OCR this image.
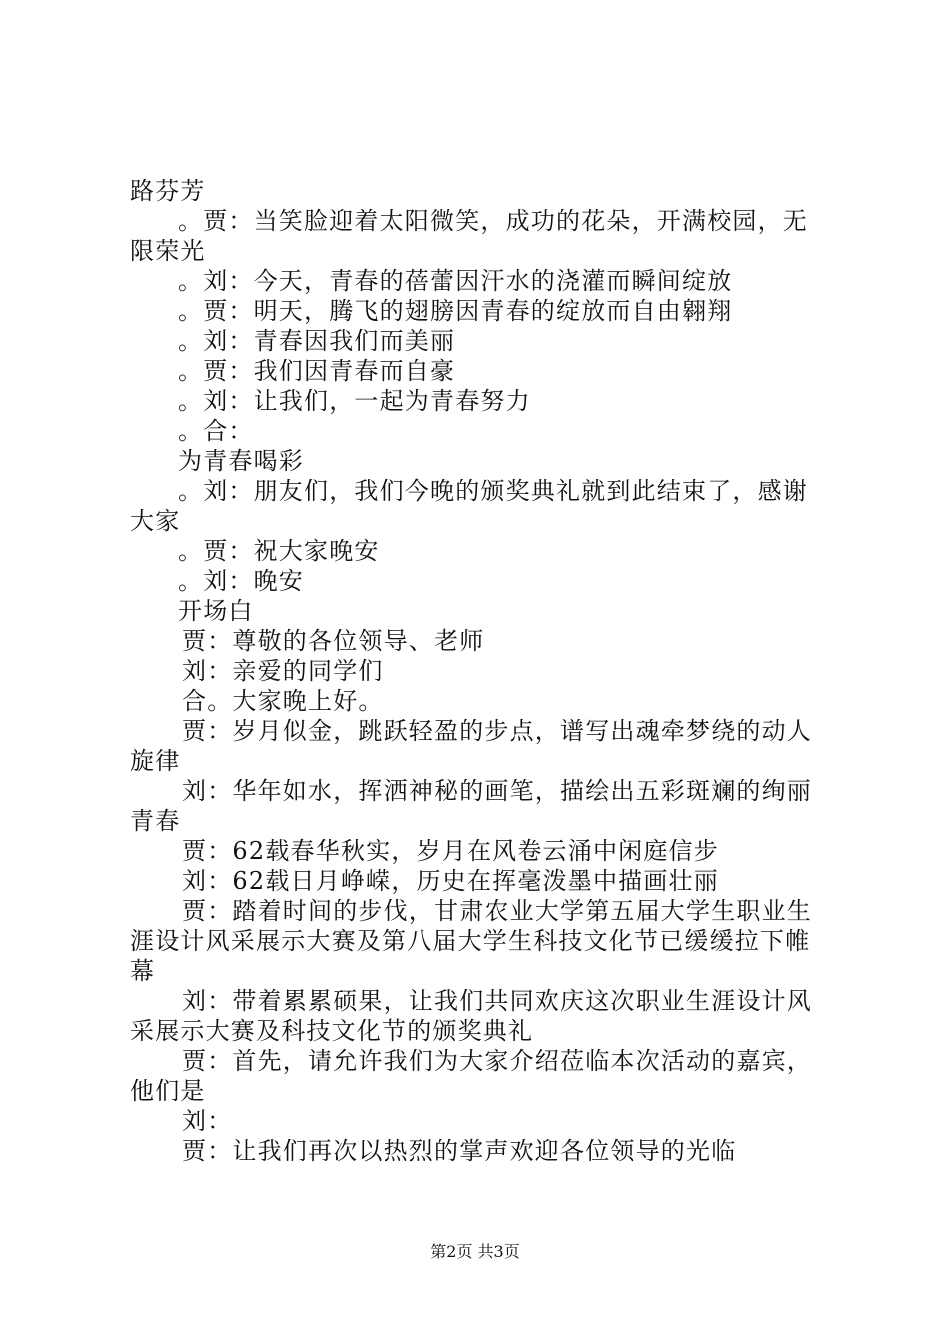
路芬芳

。贾：当笑脸迎着太阳微笑，成功的花朵，开满校园，无限荣光

。刘：今天，青春的蓓蕾因汗水的浇灌而瞬间绽放

。贾：明天，腾飞的翅膀因青春的绽放而自由翱翔

。刘：青春因我们而美丽

。贾：我们因青春而自豪

。刘：让我们，一起为青春努力

。合：

为青春喝彩

。刘：朋友们，我们今晚的颁奖典礼就到此结束了，感谢大家

。贾：祝大家晚安

。刘：晚安

开场白

贾：尊敬的各位领导、老师

刘：亲爱的同学们

合。大家晚上好。

贾：岁月似金，跳跃轻盈的步点，谱写出魂牵梦绕的动人旋律

刘：华年如水，挥洒神秘的画笔，描绘出五彩斑斓的绚丽青春

贾：62载春华秋实，岁月在风卷云涌中闲庭信步

刘：62载日月峥嵘，历史在挥毫泼墨中描画壮丽

贾：踏着时间的步伐，甘肃农业大学第五届大学生职业生涯设计风采展示大赛及第八届大学生科技文化节已缓缓拉下帷幕

刘：带着累累硕果，让我们共同欢庆这次职业生涯设计风采展示大赛及科技文化节的颁奖典礼

贾：首先，请允许我们为大家介绍莅临本次活动的嘉宾，他们是

刘：

贾：让我们再次以热烈的掌声欢迎各位领导的光临

第2页 共3页
